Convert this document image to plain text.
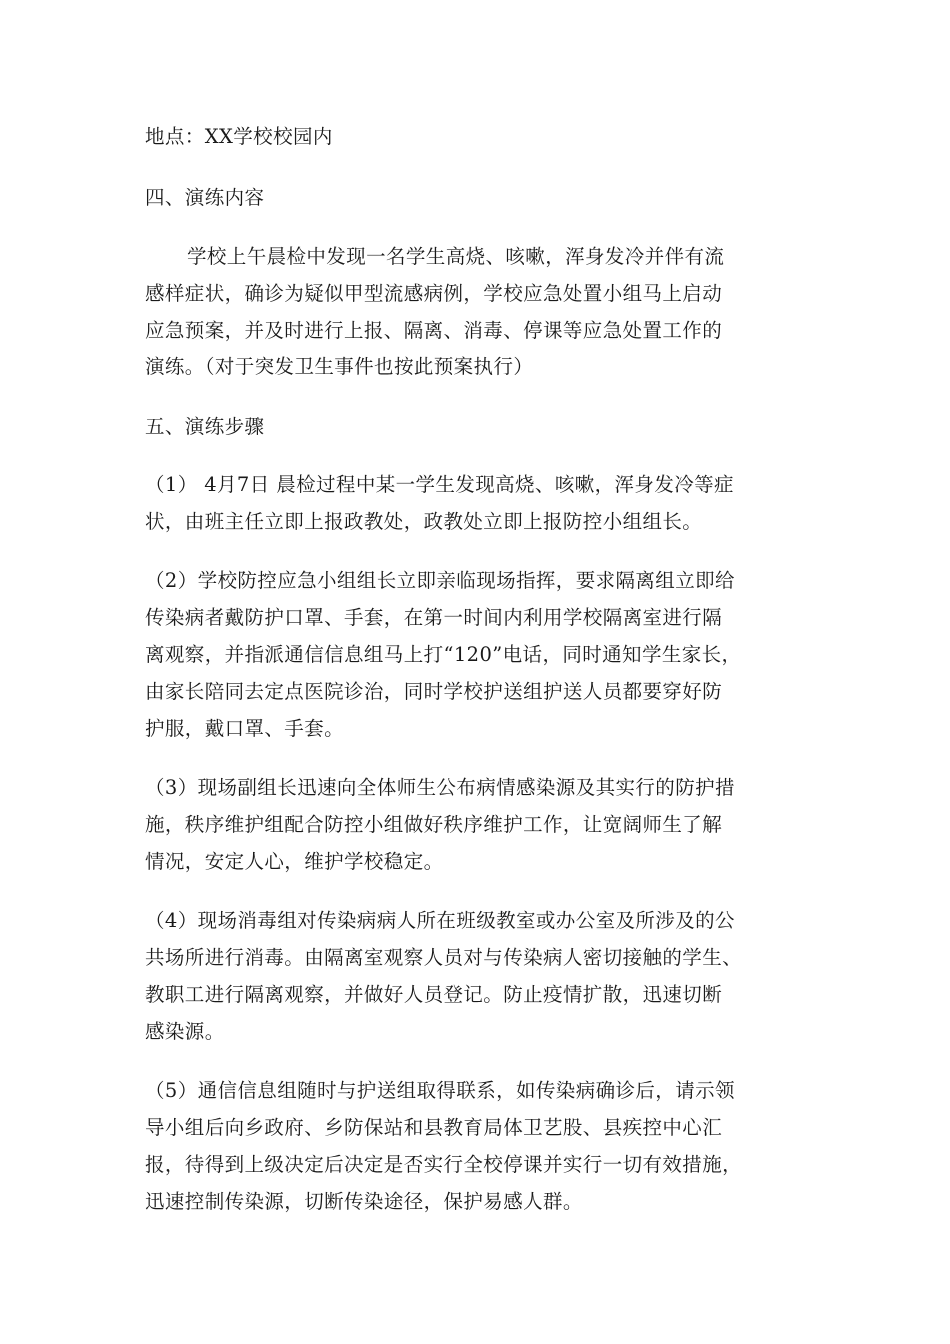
地点：XX学校校园内
四、演练内容
学校上午晨检中发现一名学生高烧、咳嗽，浑身发冷并伴有流
感样症状，确诊为疑似甲型流感病例，学校应急处置小组马上启动
应急预案，并及时进行上报、隔离、消毒、停课等应急处置工作的
演练。（对于突发卫生事件也按此预案执行）
五、演练步骤
（1） 4月7日 晨检过程中某一学生发现高烧、咳嗽，浑身发冷等症
状，由班主任立即上报政教处，政教处立即上报防控小组组长。
（2）学校防控应急小组组长立即亲临现场指挥，要求隔离组立即给
传染病者戴防护口罩、手套，在第一时间内利用学校隔离室进行隔
离观察，并指派通信信息组马上打“120”电话，同时通知学生家长，
由家长陪同去定点医院诊治，同时学校护送组护送人员都要穿好防
护服，戴口罩、手套。
（3）现场副组长迅速向全体师生公布病情感染源及其实行的防护措
施，秩序维护组配合防控小组做好秩序维护工作，让宽阔师生了解
情况，安定人心，维护学校稳定。
（4）现场消毒组对传染病病人所在班级教室或办公室及所涉及的公
共场所进行消毒。由隔离室观察人员对与传染病人密切接触的学生、
教职工进行隔离观察，并做好人员登记。防止疫情扩散，迅速切断
感染源。
（5）通信信息组随时与护送组取得联系，如传染病确诊后，请示领
导小组后向乡政府、乡防保站和县教育局体卫艺股、县疾控中心汇
报，待得到上级决定后决定是否实行全校停课并实行一切有效措施，
迅速控制传染源，切断传染途径，保护易感人群。
